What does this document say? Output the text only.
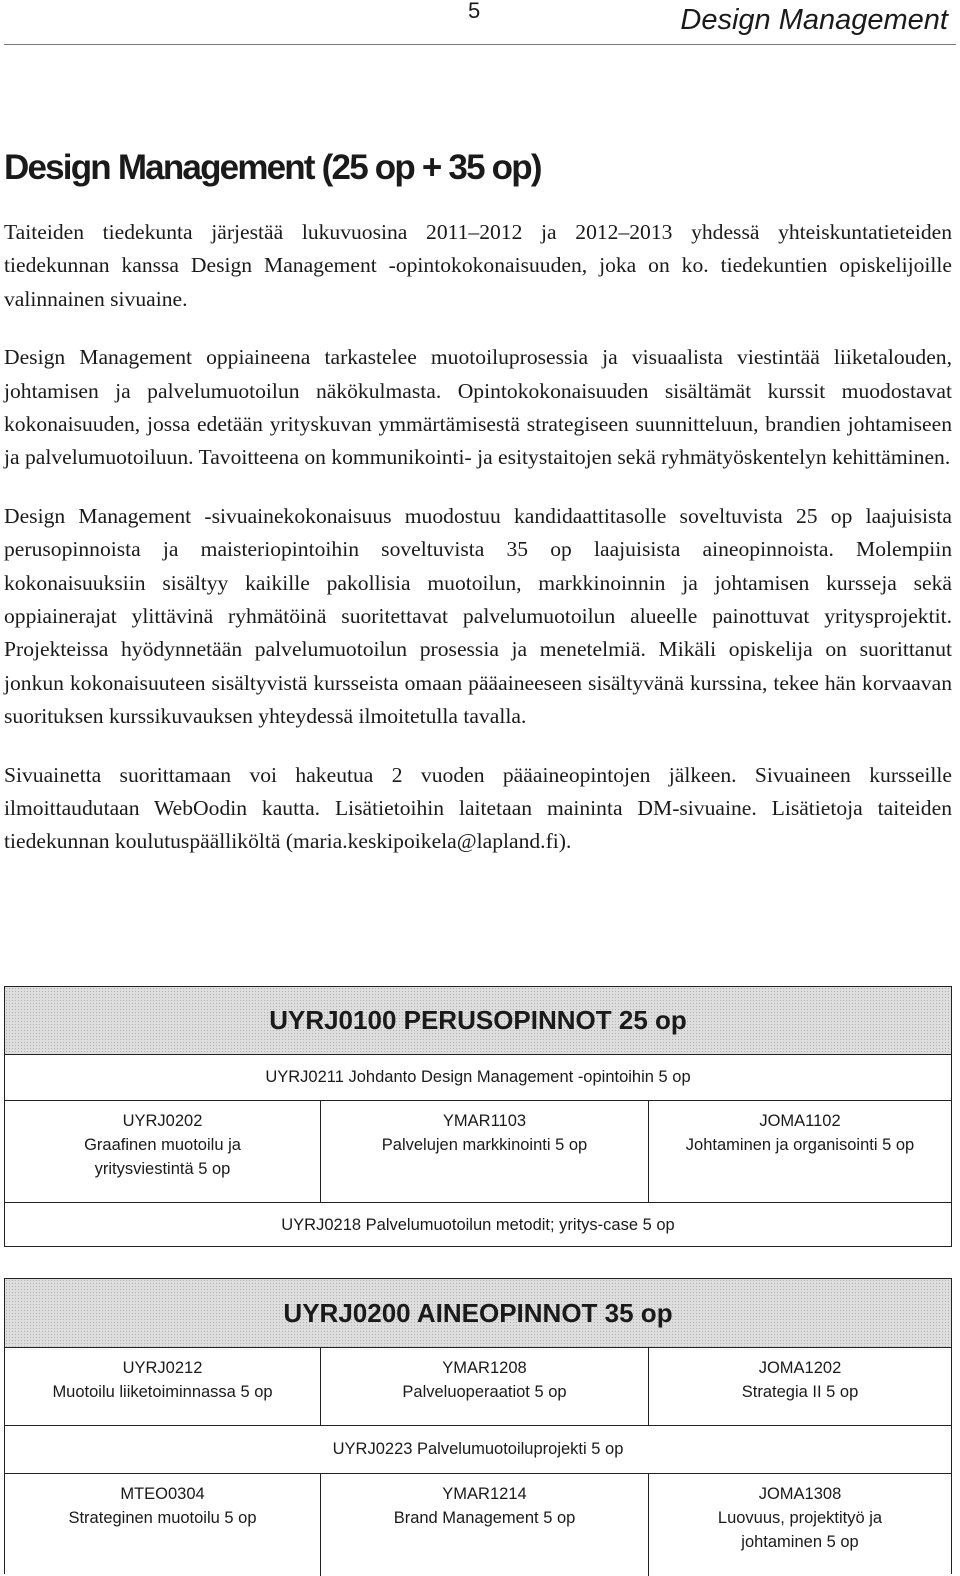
5	Design Management
Design Management (25 op + 35 op)

Taiteiden tiedekunta järjestää lukuvuosina 2011–2012 ja 2012–2013 yhdessä yhteiskuntatieteiden tiedekunnan kanssa Design Management -opintokokonaisuuden, joka on ko. tiedekuntien opiskelijoille valinnainen sivuaine.

Design Management oppiaineena tarkastelee muotoiluprosessia ja visuaalista viestintää liiketalouden, johtamisen ja palvelumuotoilun näkökulmasta. Opintokokonaisuuden sisältämät kurssit muodostavat kokonaisuuden, jossa edetään yrityskuvan ymmärtämisestä strategiseen suunnitteluun, brandien johtamiseen ja palvelumuotoiluun. Tavoitteena on kommunikointi- ja esitystaitojen sekä ryhmätyöskentelyn kehittäminen.

Design Management -sivuainekokonaisuus muodostuu kandidaattitasolle soveltuvista 25 op laajuisista perusopinnoista ja maisteriopintoihin soveltuvista 35 op laajuisista aineopinnoista. Molempiin kokonaisuuksiin sisältyy kaikille pakollisia muotoilun, markkinoinnin ja johtamisen kursseja sekä oppiainerajat ylittävinä ryhmätöinä suoritettavat palvelumuotoilun alueelle painottuvat yritysprojektit. Projekteissa hyödynnetään palvelumuotoilun prosessia ja menetelmiä. Mikäli opiskelija on suorittanut jonkun kokonaisuuteen sisältyvistä kursseista omaan pääaineeseen sisältyvänä kurssina, tekee hän korvaavan suorituksen kurssikuvauksen yhteydessä ilmoitetulla tavalla.

Sivuainetta suorittamaan voi hakeutua 2 vuoden pääaineopintojen jälkeen. Sivuaineen kursseille ilmoittaudutaan WebOodin kautta. Lisätietoihin laitetaan maininta DM-sivuaine. Lisätietoja taiteiden tiedekunnan koulutuspäälliköltä (maria.keskipoikela@lapland.fi).

UYRJ0100 PERUSOPINNOT 25 op
UYRJ0211 Johdanto Design Management -opintoihin 5 op
UYRJ0202
Graafinen muotoilu ja yritysviestintä 5 op
YMAR1103
Palvelujen markkinointi 5 op
JOMA1102
Johtaminen ja organisointi 5 op
UYRJ0218 Palvelumuotoilun metodit; yritys-case 5 op
UYRJ0200 AINEOPINNOT 35 op
UYRJ0212
Muotoilu liiketoiminnassa 5 op
YMAR1208
Palveluoperaatiot 5 op
JOMA1202
Strategia II 5 op
UYRJ0223 Palvelumuotoiluprojekti 5 op
MTEO0304
Strateginen muotoilu 5 op
YMAR1214
Brand Management 5 op
JOMA1308
Luovuus, projektityö ja johtaminen 5 op
